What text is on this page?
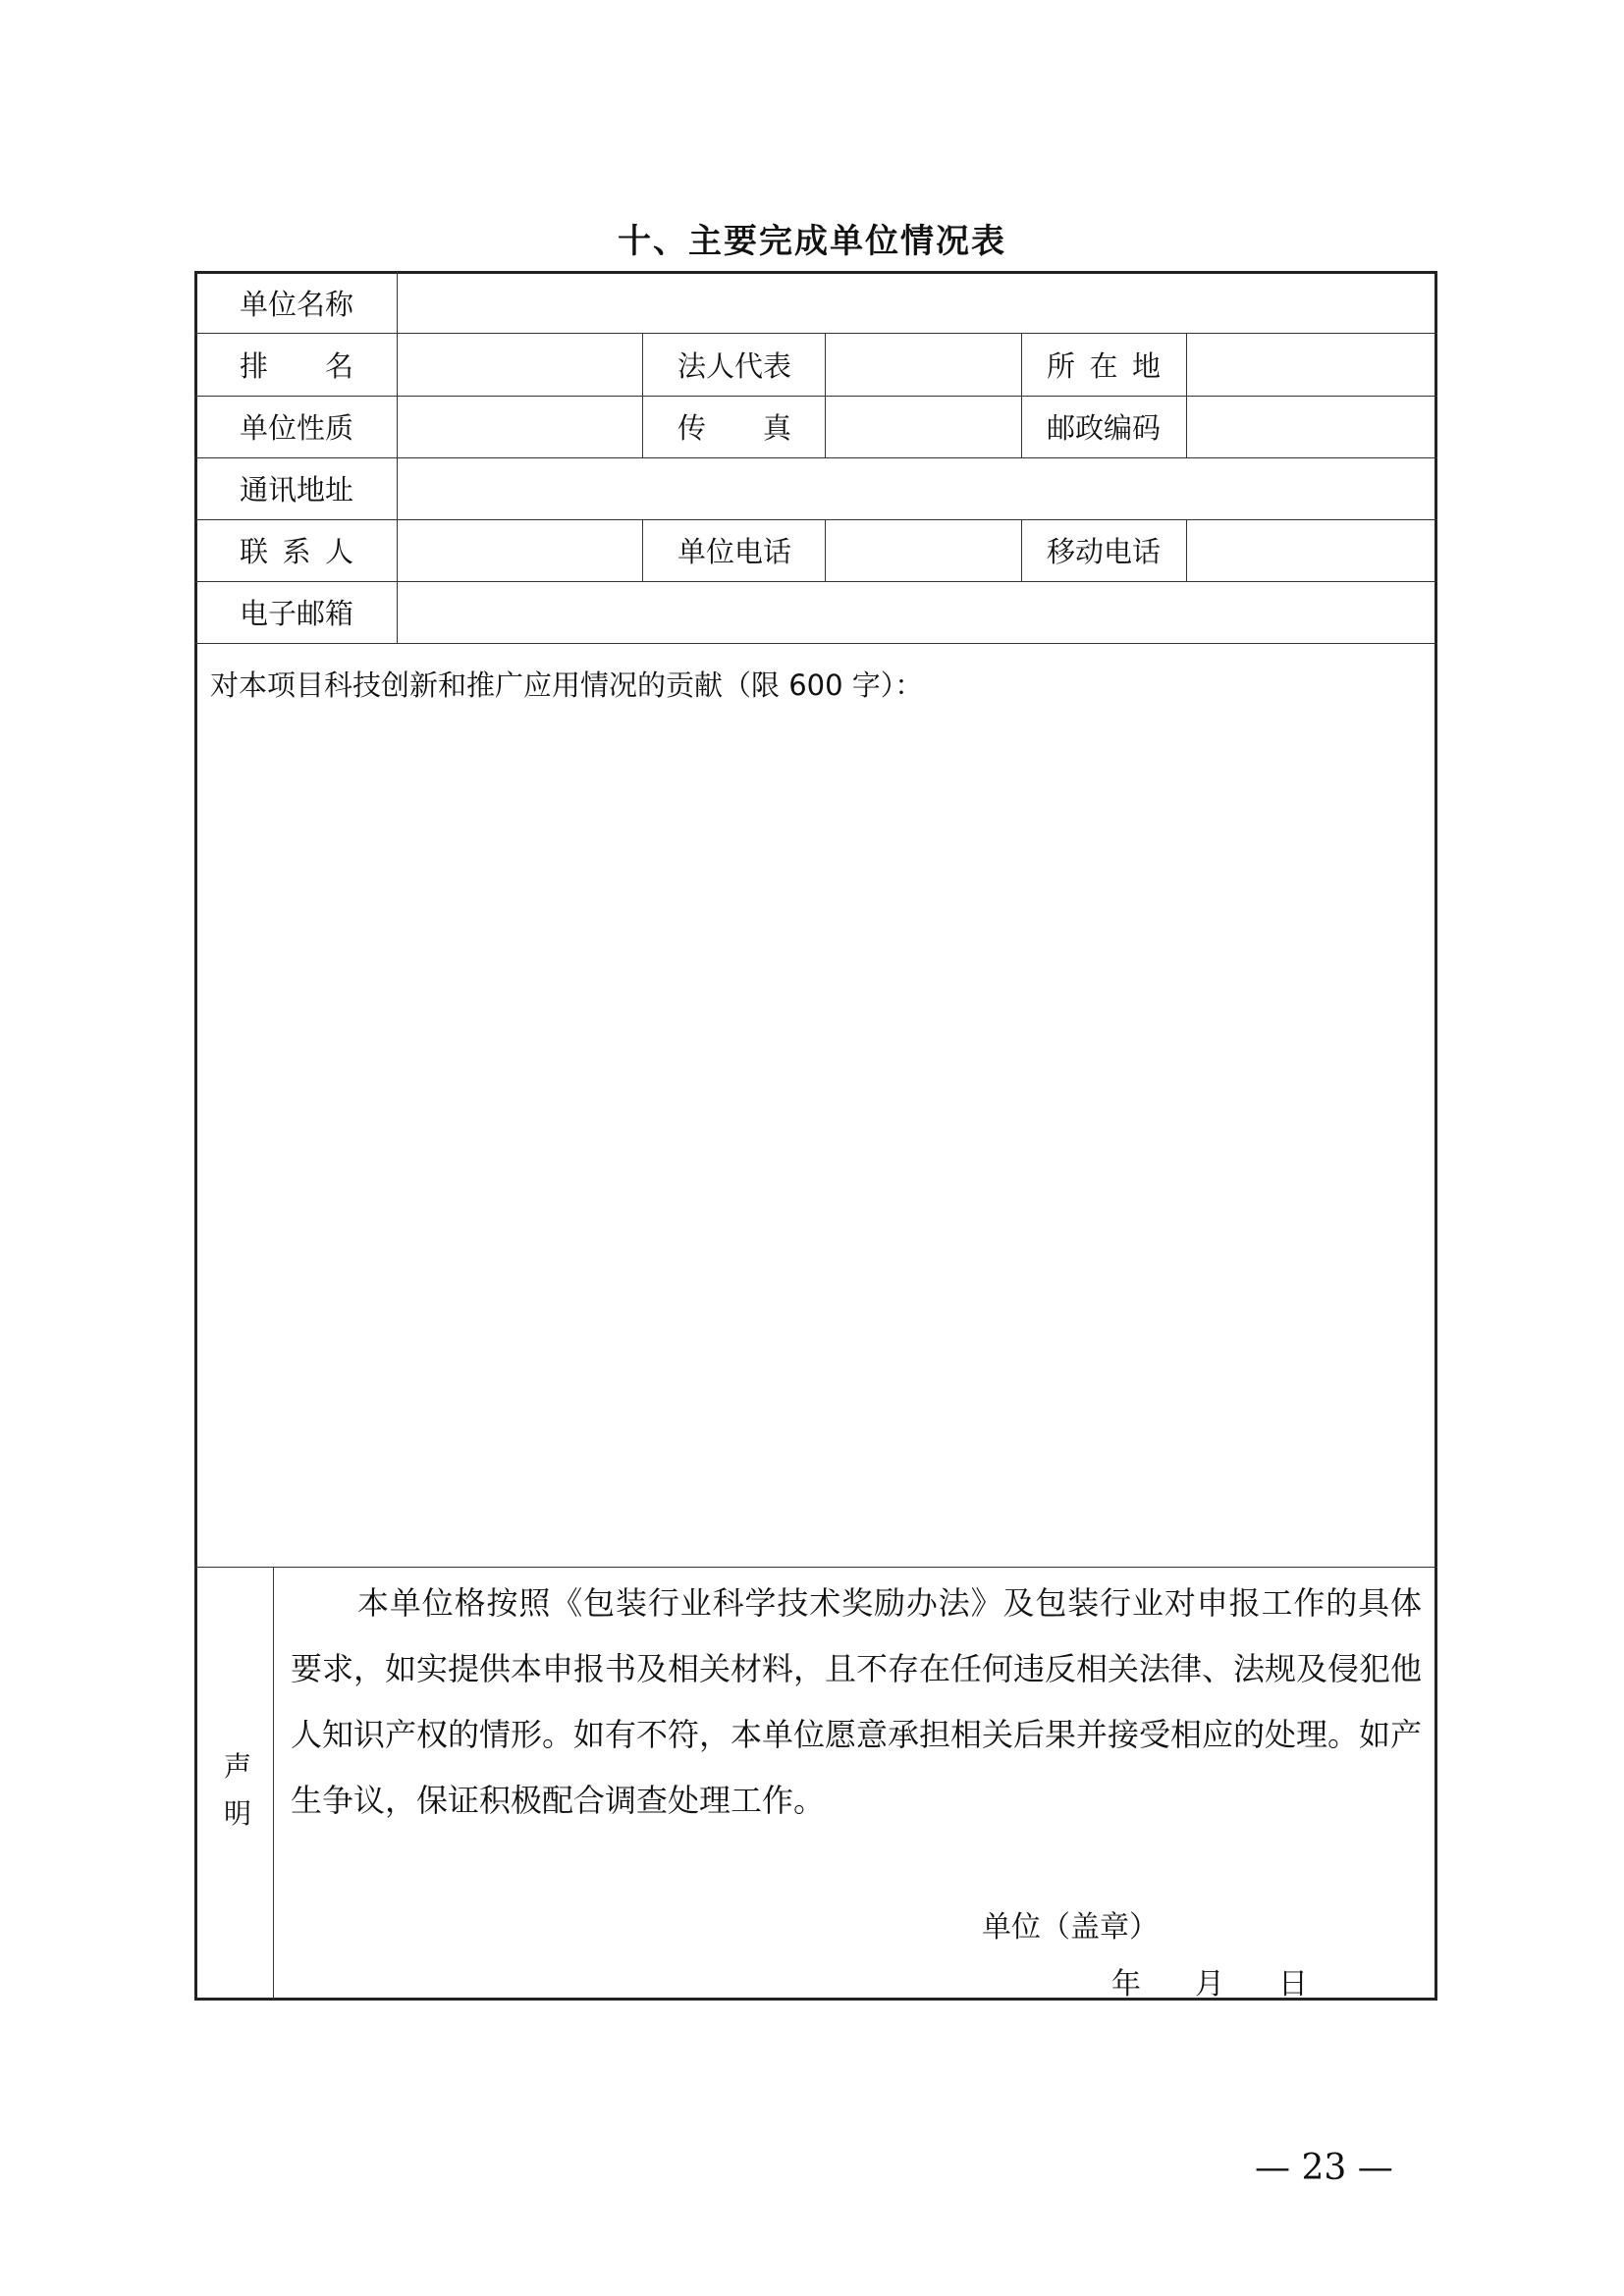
十、主要完成单位情况表
单位名称
排 名	法人代表	所 在 地
单位性质	传 真	邮政编码
通讯地址
联 系 人	单位电话	移动电话
电子邮箱
对本项目科技创新和推广应用情况的贡献（限 600 字）：
声
明
本单位格按照《包装行业科学技术奖励办法》及包装行业对申报工作的具体要求，如实提供本申报书及相关材料，且不存在任何违反相关法律、法规及侵犯他人知识产权的情形。如有不符，本单位愿意承担相关后果并接受相应的处理。如产生争议，保证积极配合调查处理工作。
单位（盖章）
年 月 日
— 23 —
